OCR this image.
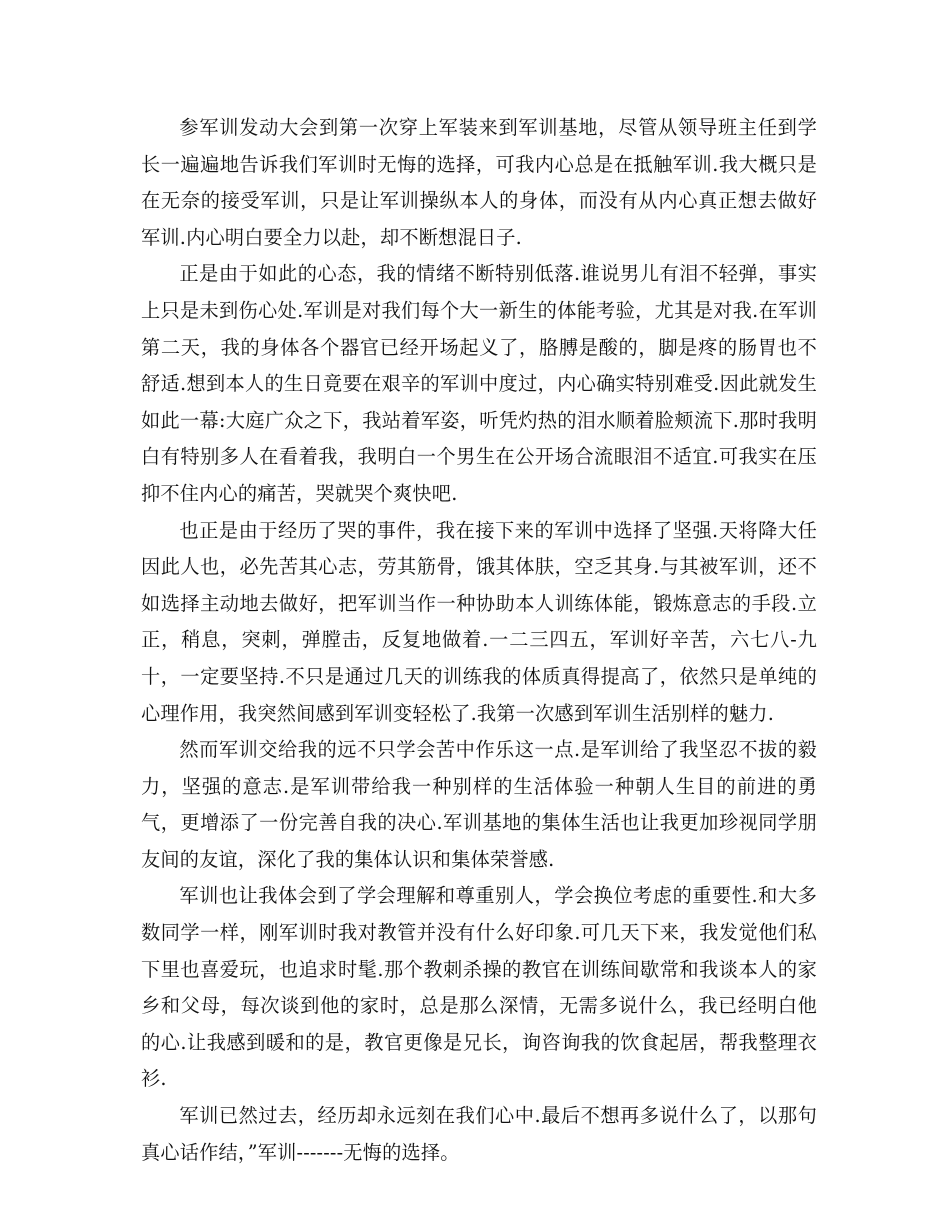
参军训发动大会到第一次穿上军装来到军训基地，尽管从领导班主任到学长一遍遍地告诉我们军训时无悔的选择，可我内心总是在抵触军训.我大概只是在无奈的接受军训，只是让军训操纵本人的身体，而没有从内心真正想去做好军训.内心明白要全力以赴，却不断想混日子.

正是由于如此的心态，我的情绪不断特别低落.谁说男儿有泪不轻弹，事实上只是未到伤心处.军训是对我们每个大一新生的体能考验，尤其是对我.在军训第二天，我的身体各个器官已经开场起义了，胳膊是酸的，脚是疼的肠胃也不舒适.想到本人的生日竟要在艰辛的军训中度过，内心确实特别难受.因此就发生如此一幕:大庭广众之下，我站着军姿，听凭灼热的泪水顺着脸颊流下.那时我明白有特别多人在看着我，我明白一个男生在公开场合流眼泪不适宜.可我实在压抑不住内心的痛苦，哭就哭个爽快吧.

也正是由于经历了哭的事件，我在接下来的军训中选择了坚强.天将降大任因此人也，必先苦其心志，劳其筋骨，饿其体肤，空乏其身.与其被军训，还不如选择主动地去做好，把军训当作一种协助本人训练体能，锻炼意志的手段.立正，稍息，突刺，弹膛击，反复地做着.一二三四五，军训好辛苦，六七八-九十，一定要坚持.不只是通过几天的训练我的体质真得提高了，依然只是单纯的心理作用，我突然间感到军训变轻松了.我第一次感到军训生活别样的魅力.

然而军训交给我的远不只学会苦中作乐这一点.是军训给了我坚忍不拔的毅力，坚强的意志.是军训带给我一种别样的生活体验一种朝人生目的前进的勇气，更增添了一份完善自我的决心.军训基地的集体生活也让我更加珍视同学朋友间的友谊，深化了我的集体认识和集体荣誉感.

军训也让我体会到了学会理解和尊重别人，学会换位考虑的重要性.和大多数同学一样，刚军训时我对教管并没有什么好印象.可几天下来，我发觉他们私下里也喜爱玩，也追求时髦.那个教刺杀操的教官在训练间歇常和我谈本人的家乡和父母，每次谈到他的家时，总是那么深情，无需多说什么，我已经明白他的心.让我感到暖和的是，教官更像是兄长，询咨询我的饮食起居，帮我整理衣衫.

军训已然过去，经历却永远刻在我们心中.最后不想再多说什么了，以那句真心话作结，”军训-------无悔的选择。
